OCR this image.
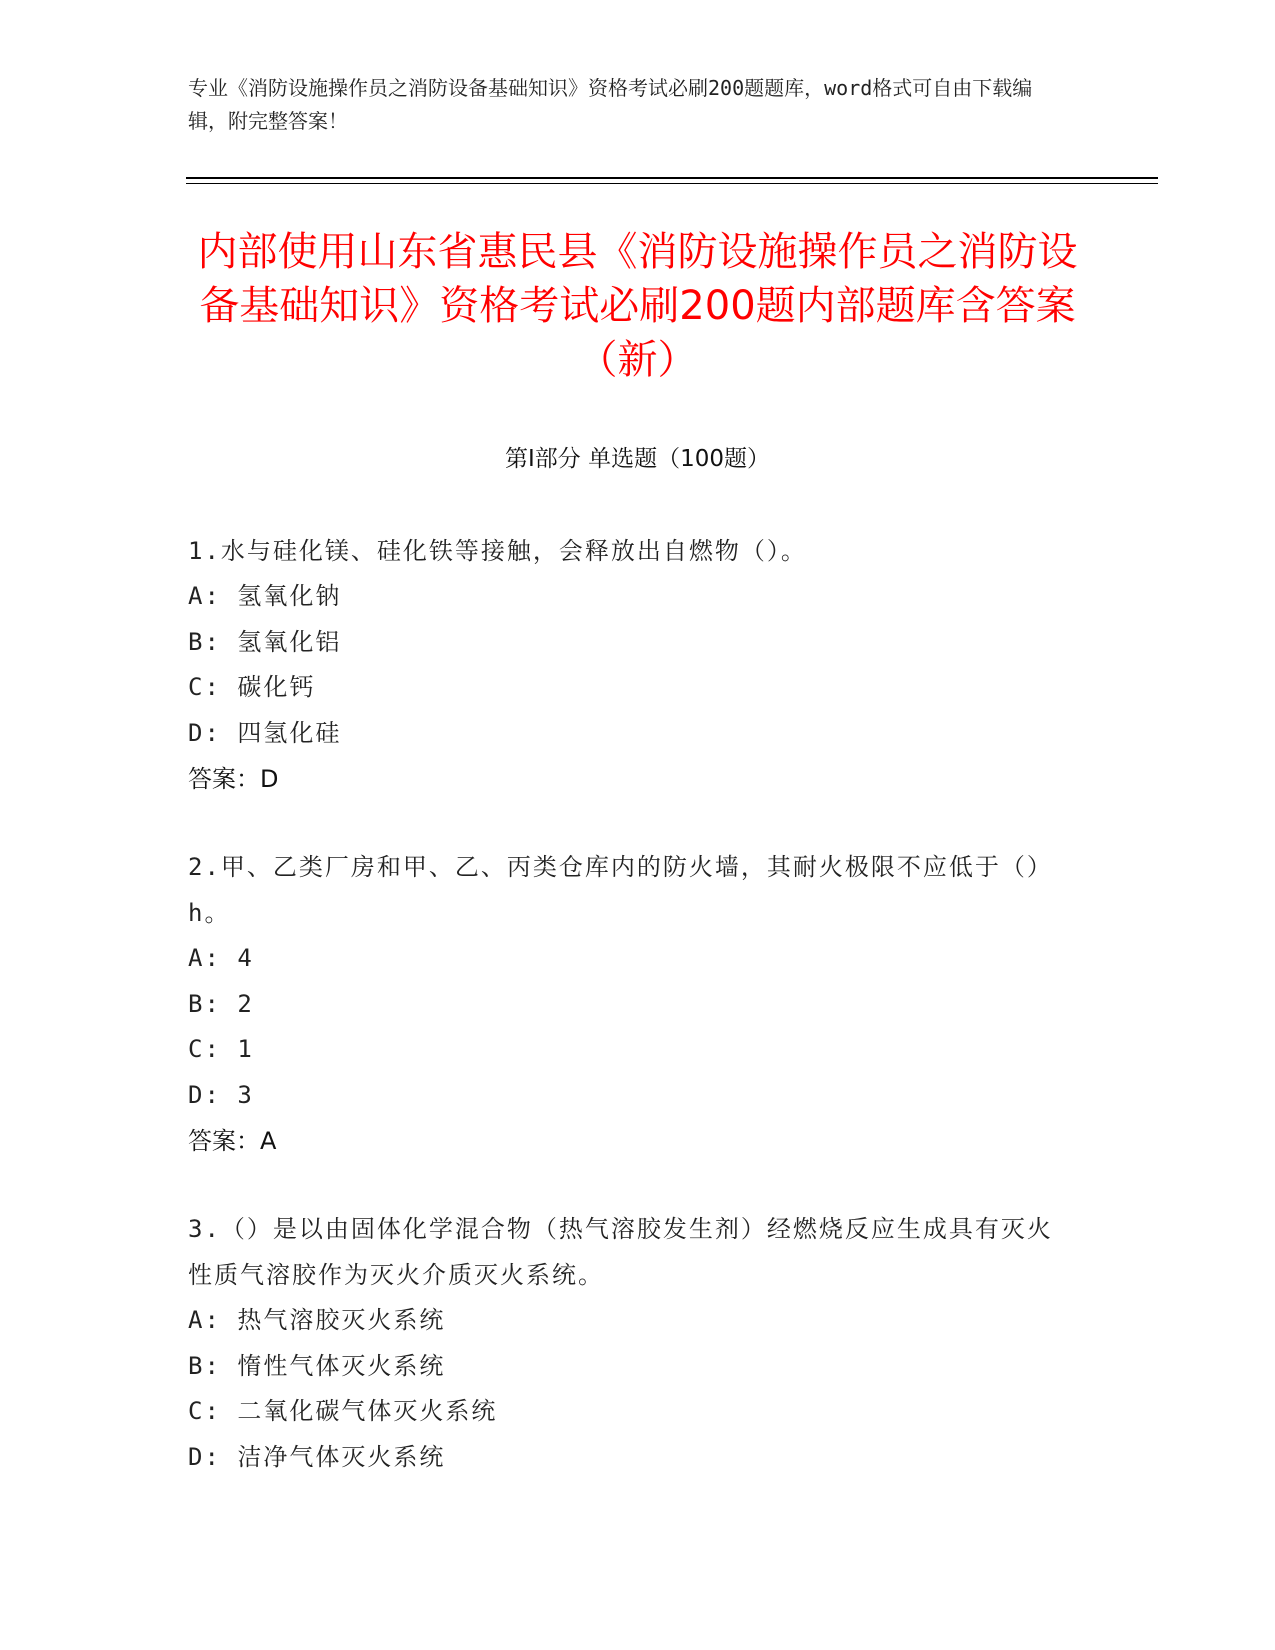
专业《消防设施操作员之消防设备基础知识》资格考试必刷200题题库，word格式可自由下载编辑，附完整答案！
内部使用山东省惠民县《消防设施操作员之消防设备基础知识》资格考试必刷200题内部题库含答案（新）
第I部分 单选题（100题）
1.水与硅化镁、硅化铁等接触，会释放出自燃物（）。
A: 氢氧化钠
B: 氢氧化铝
C: 碳化钙
D: 四氢化硅
答案：D
2.甲、乙类厂房和甲、乙、丙类仓库内的防火墙，其耐火极限不应低于（）h。
A: 4
B: 2
C: 1
D: 3
答案：A
3.（）是以由固体化学混合物（热气溶胶发生剂）经燃烧反应生成具有灭火性质气溶胶作为灭火介质灭火系统。
A: 热气溶胶灭火系统
B: 惰性气体灭火系统
C: 二氧化碳气体灭火系统
D: 洁净气体灭火系统
